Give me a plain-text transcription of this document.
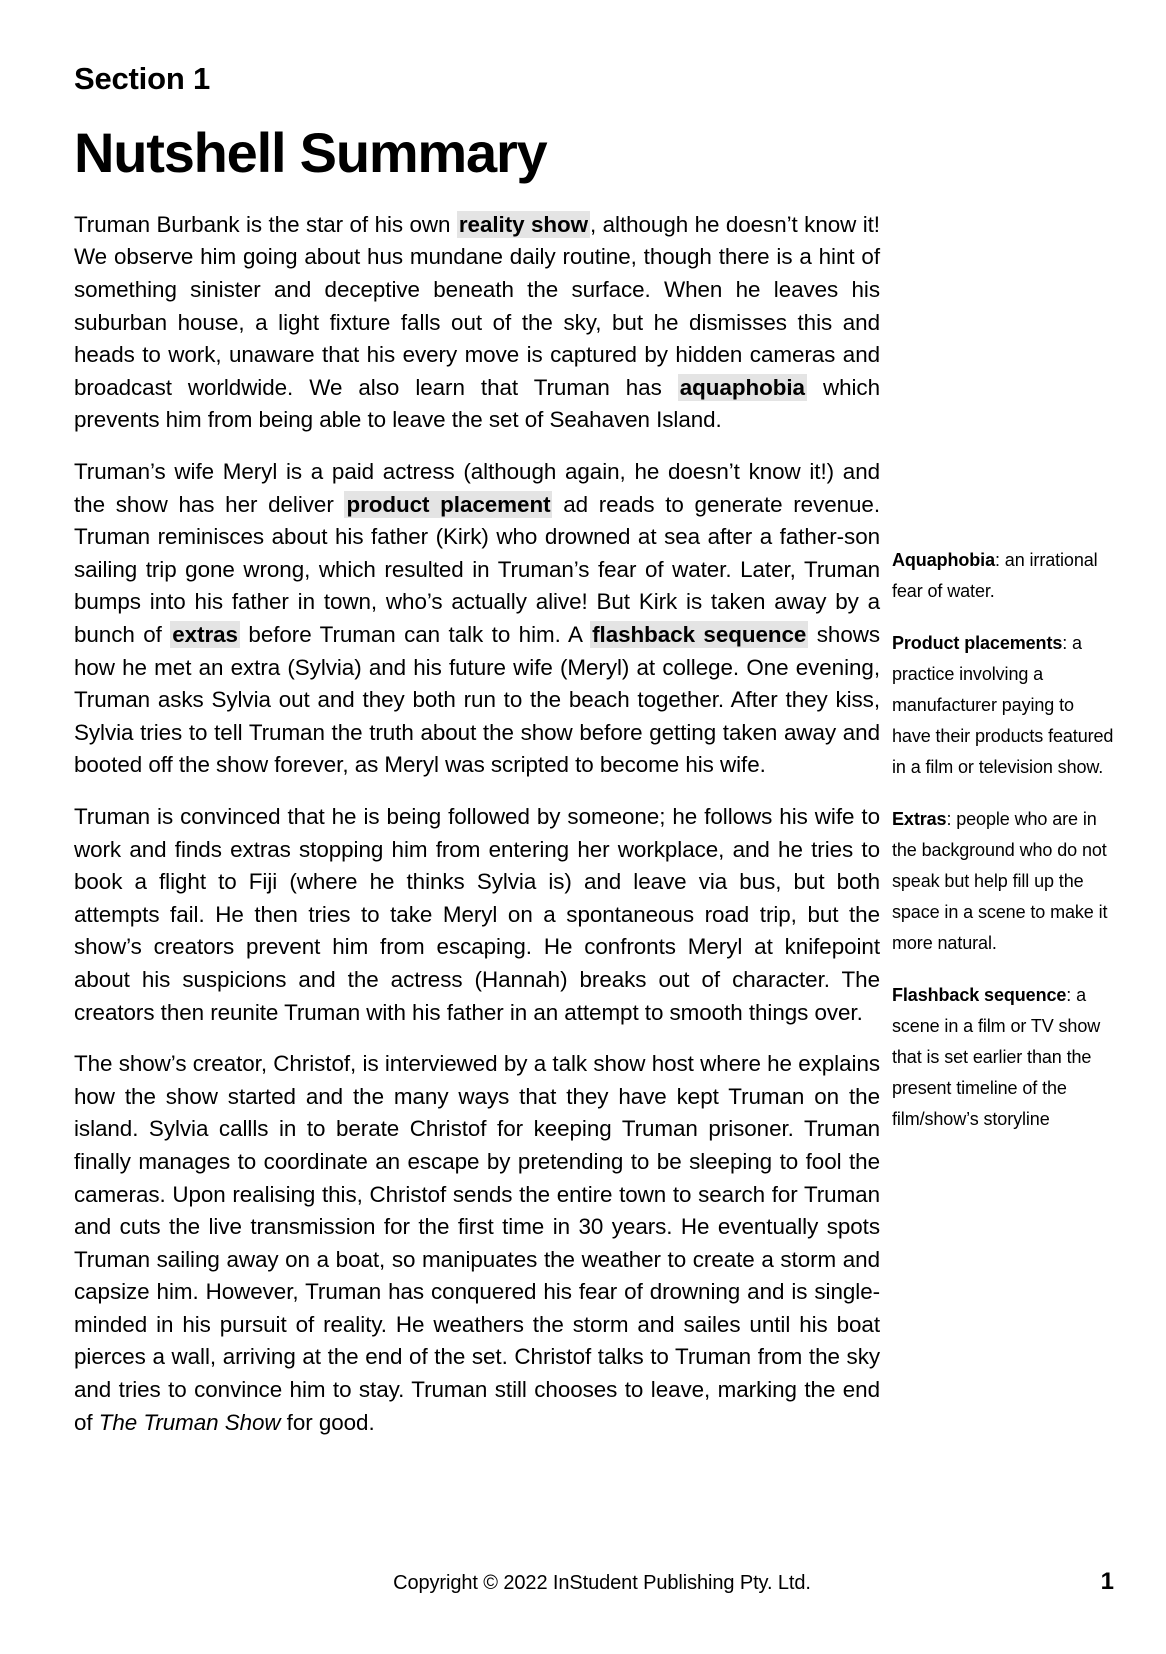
Section 1
Nutshell Summary

Truman Burbank is the star of his own reality show, although he doesn’t know it! We observe him going about hus mundane daily routine, though there is a hint of something sinister and deceptive beneath the surface. When he leaves his suburban house, a light fixture falls out of the sky, but he dismisses this and heads to work, unaware that his every move is captured by hidden cameras and broadcast worldwide. We also learn that Truman has aquaphobia which prevents him from being able to leave the set of Seahaven Island.

Truman’s wife Meryl is a paid actress (although again, he doesn’t know it!) and the show has her deliver product placement ad reads to generate revenue. Truman reminisces about his father (Kirk) who drowned at sea after a father-son sailing trip gone wrong, which resulted in Truman’s fear of water. Later, Truman bumps into his father in town, who’s actually alive! But Kirk is taken away by a bunch of extras before Truman can talk to him. A flashback sequence shows how he met an extra (Sylvia) and his future wife (Meryl) at college. One evening, Truman asks Sylvia out and they both run to the beach together. After they kiss, Sylvia tries to tell Truman the truth about the show before getting taken away and booted off the show forever, as Meryl was scripted to become his wife.

Truman is convinced that he is being followed by someone; he follows his wife to work and finds extras stopping him from entering her workplace, and he tries to book a flight to Fiji (where he thinks Sylvia is) and leave via bus, but both attempts fail. He then tries to take Meryl on a spontaneous road trip, but the show’s creators prevent him from escaping. He confronts Meryl at knifepoint about his suspicions and the actress (Hannah) breaks out of character. The creators then reunite Truman with his father in an attempt to smooth things over.

The show’s creator, Christof, is interviewed by a talk show host where he explains how the show started and the many ways that they have kept Truman on the island. Sylvia callls in to berate Christof for keeping Truman prisoner. Truman finally manages to coordinate an escape by pretending to be sleeping to fool the cameras. Upon realising this, Christof sends the entire town to search for Truman and cuts the live transmission for the first time in 30 years. He eventually spots Truman sailing away on a boat, so manipuates the weather to create a storm and capsize him. However, Truman has conquered his fear of drowning and is single-minded in his pursuit of reality. He weathers the storm and sailes until his boat pierces a wall, arriving at the end of the set. Christof talks to Truman from the sky and tries to convince him to stay. Truman still chooses to leave, marking the end of The Truman Show for good.

Aquaphobia: an irrational fear of water.

Product placements: a practice involving a manufacturer paying to have their products featured in a film or television show.

Extras: people who are in the background who do not speak but help fill up the space in a scene to make it more natural.

Flashback sequence: a scene in a film or TV show that is set earlier than the present timeline of the film/show’s storyline

Copyright © 2022 InStudent Publishing Pty. Ltd.	1
